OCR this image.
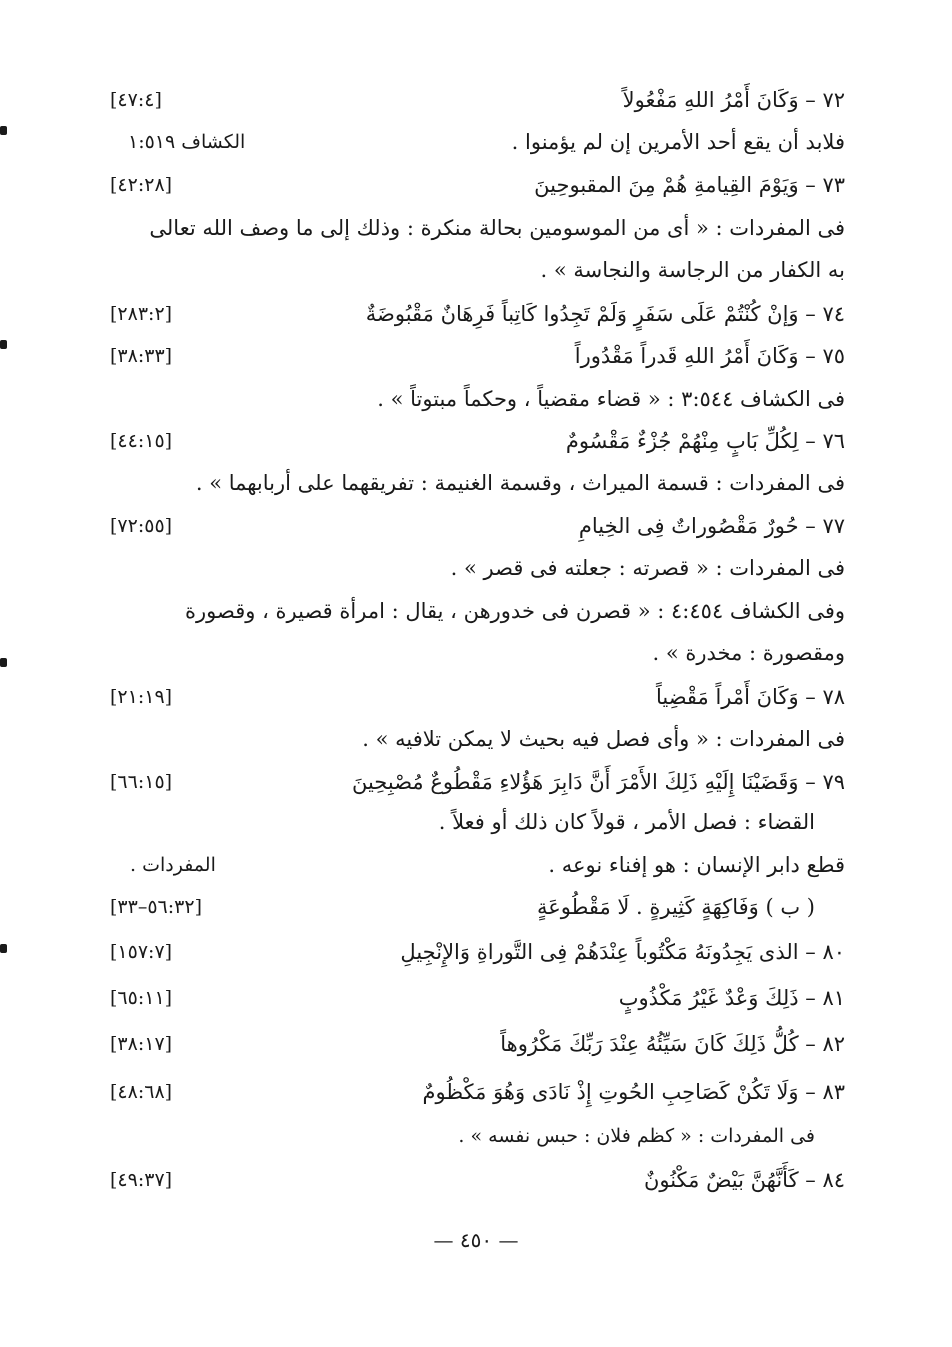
٧٢ – وَكَانَ أَمْرُ اللهِ مَفْعُولاً
[٤٧:٤]
فلابد أن يقع أحد الأمرين إن لم يؤمنوا .
الكشاف ١:٥١٩
٧٣ – وَيَوْمَ القِيامةِ هُمْ مِنَ المقبوحِينَ
[٤٢:٢٨]
فى المفردات : « أى من الموسومين بحالة منكرة : وذلك إلى ما وصف الله تعالى
به الكفار من الرجاسة والنجاسة » .
٧٤ – وَإنْ كُنْتُمْ عَلَى سَفَرٍ وَلَمْ تَجِدُوا كَاتِباً فَرِهَانٌ مَقْبُوضَةٌ
[٢٨٣:٢]
٧٥ – وَكَانَ أَمْرُ اللهِ قَدراً مَقْدُوراً
[٣٨:٣٣]
فى الكشاف ٣:٥٤٤ : « قضاء مقضياً ، وحكماً مبتوتاً » .
٧٦ – لِكُلِّ بَابٍ مِنْهُمْ جُزْءٌ مَقْسُومٌ
[٤٤:١٥]
فى المفردات : قسمة الميراث ، وقسمة الغنيمة : تفريقهما على أربابهما » .
٧٧ – حُورٌ مَقْصُوراتٌ فِى الخِيامِ
[٧٢:٥٥]
فى المفردات : « قصرته : جعلته فى قصر » .
وفى الكشاف ٤:٤٥٤ : « قصرن فى خدورهن ، يقال : امرأة قصيرة ، وقصورة
ومقصورة : مخدرة » .
٧٨ – وَكَانَ أَمْراً مَقْضِياً
[٢١:١٩]
فى المفردات : « وأى فصل فيه بحيث لا يمكن تلافيه » .
٧٩ – وَقَضَيْنَا إِلَيْهِ ذَلِكَ الأَمْرَ أَنَّ دَابِرَ هَؤُلاءِ مَقْطُوعٌ مُصْبِحِينَ
[٦٦:١٥]
القضاء : فصل الأمر ، قولاً كان ذلك أو فعلاً .
قطع دابر الإنسان : هو إفناء نوعه .
المفردات .
( ب ) وَفَاكِهَةٍ كَثِيرةٍ . لَا مَقْطُوعَةٍ
[٥٦:٣٢–٣٣]
٨٠ – الذى يَجِدُونَهُ مَكْتُوباً عِنْدَهُمْ فِى التَّوراةِ وَالإِنْجِيلِ
[١٥٧:٧]
٨١ – ذَلِكَ وَعْدٌ غَيْرُ مَكْذُوبٍ
[٦٥:١١]
٨٢ – كُلُّ ذَلِكَ كَانَ سَيِّئُهُ عِنْدَ رَبِّكَ مَكْرُوهاً
[٣٨:١٧]
٨٣ – وَلَا تَكُنْ كَصَاحِبِ الحُوتِ إِذْ نَادَى وَهُوَ مَكْظُومٌ
[٤٨:٦٨]
فى المفردات : « كظم فلان : حبس نفسه » .
٨٤ – كَأَنَّهُنَّ بَيْضٌ مَكْنُونٌ
[٤٩:٣٧]
— ٤٥٠ —
